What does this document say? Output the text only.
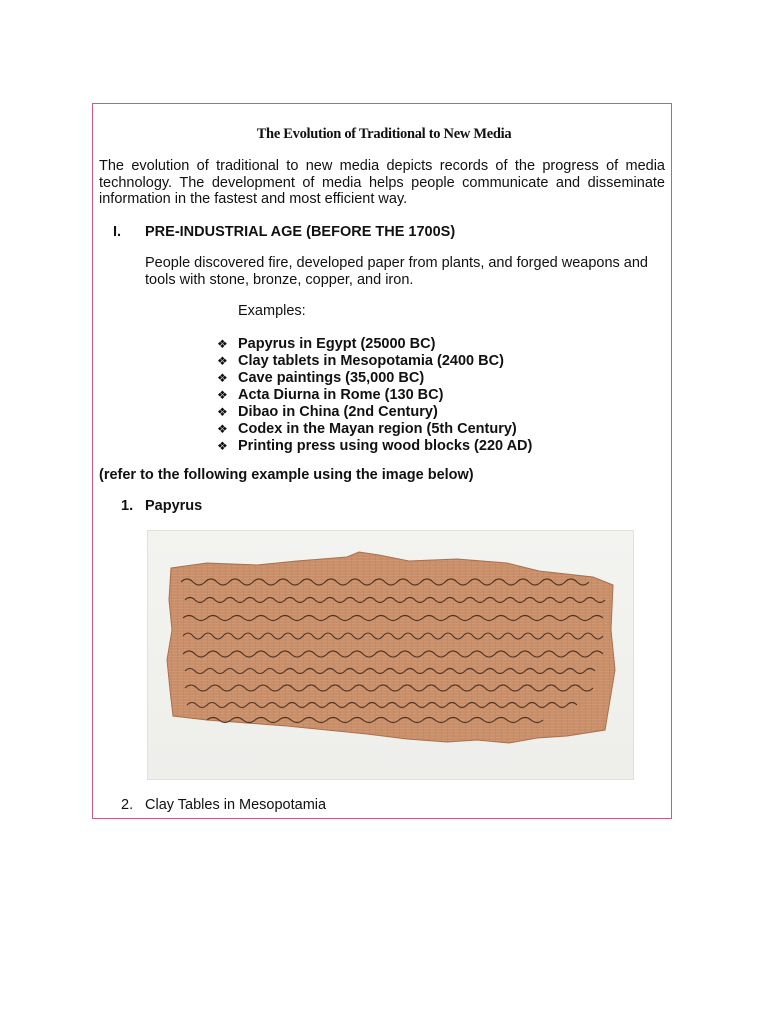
The Evolution of Traditional to New Media
The evolution of traditional to new media depicts records of the progress of media technology. The development of media helps people communicate and disseminate information in the fastest and most efficient way.
I. PRE-INDUSTRIAL AGE (BEFORE THE 1700S)
People discovered fire, developed paper from plants, and forged weapons and tools with stone, bronze, copper, and iron.
Examples:
❖ Papyrus in Egypt (25000 BC)
❖ Clay tablets in Mesopotamia (2400 BC)
❖ Cave paintings (35,000 BC)
❖ Acta Diurna in Rome (130 BC)
❖ Dibao in China (2nd Century)
❖ Codex in the Mayan region (5th Century)
❖ Printing press using wood blocks (220 AD)
(refer to the following example using the image below)
1. Papyrus
2. Clay Tables in Mesopotamia
